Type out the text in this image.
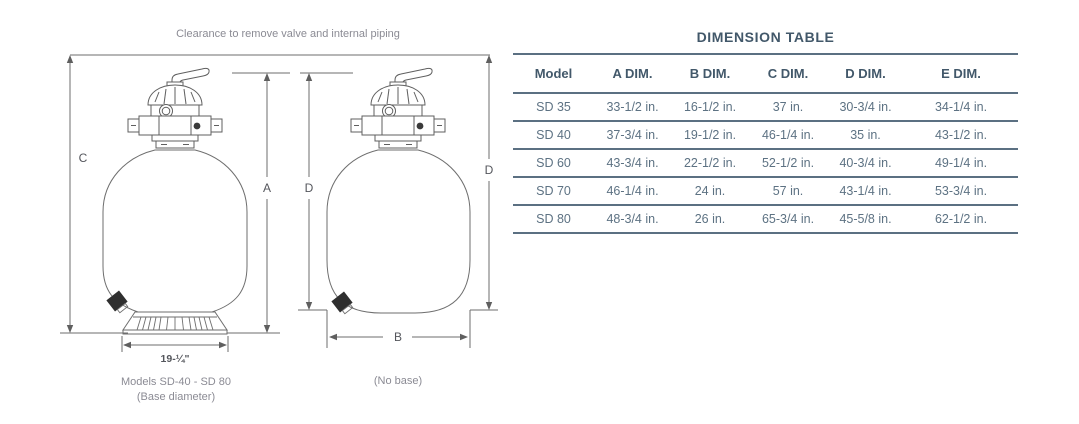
Clearance to remove valve and internal piping
C
A	D
D
B
19-¼"
Models SD-40 - SD 80
(Base diameter)
(No base)
DIMENSION TABLE
Model	A DIM.	B DIM.	C DIM.	D DIM.	E DIM.
SD 35	33-1/2 in.	16-1/2 in.	37 in.	30-3/4 in.	34-1/4 in.
SD 40	37-3/4 in.	19-1/2 in.	46-1/4 in.	35 in.	43-1/2 in.
SD 60	43-3/4 in.	22-1/2 in.	52-1/2 in.	40-3/4 in.	49-1/4 in.
SD 70	46-1/4 in.	24 in.	57 in.	43-1/4 in.	53-3/4 in.
SD 80	48-3/4 in.	26 in.	65-3/4 in.	45-5/8 in.	62-1/2 in.
